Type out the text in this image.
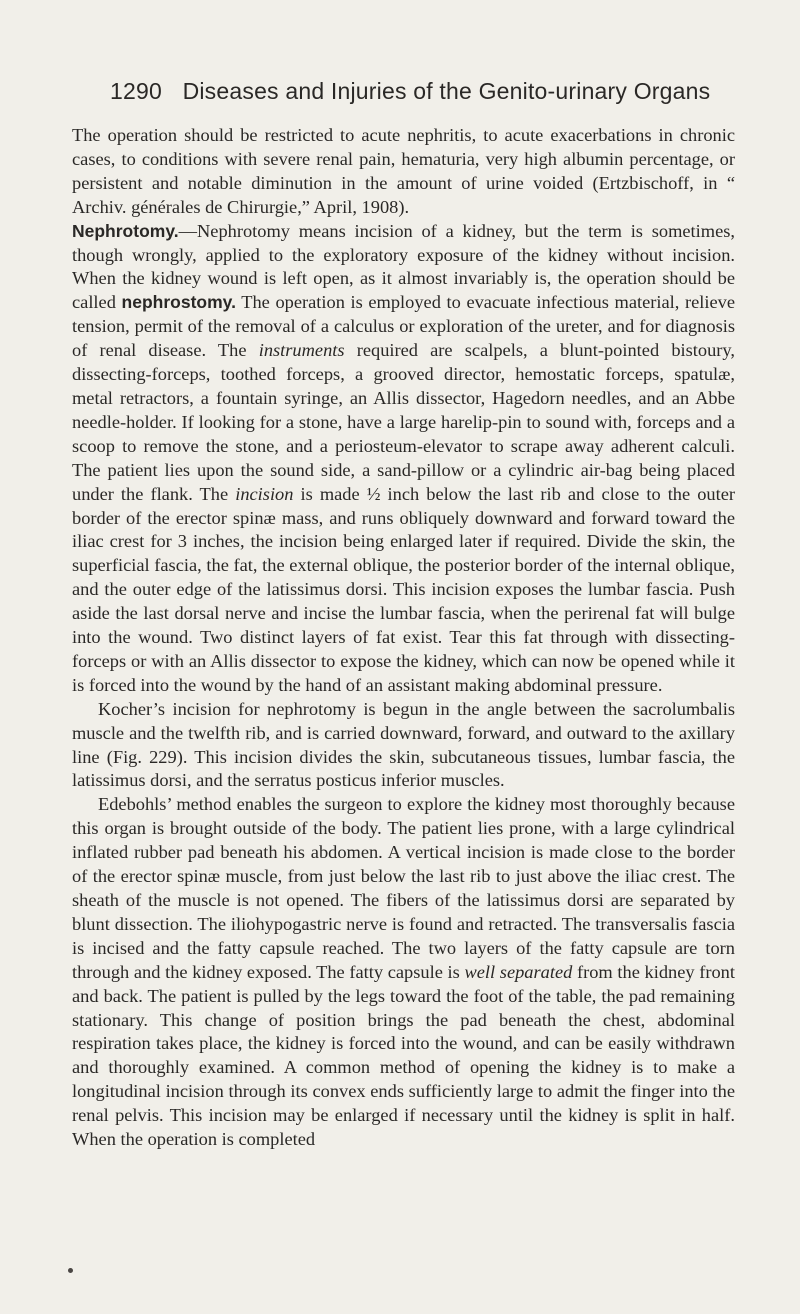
1290 Diseases and Injuries of the Genito-urinary Organs

The operation should be restricted to acute nephritis, to acute exacerbations in chronic cases, to conditions with severe renal pain, hematuria, very high albumin percentage, or persistent and notable diminution in the amount of urine voided (Ertzbischoff, in “ Archiv. générales de Chirurgie,” April, 1908).

Nephrotomy.—Nephrotomy means incision of a kidney, but the term is sometimes, though wrongly, applied to the exploratory exposure of the kidney without incision. When the kidney wound is left open, as it almost invariably is, the operation should be called nephrostomy. The operation is employed to evacuate infectious material, relieve tension, permit of the removal of a calculus or exploration of the ureter, and for diagnosis of renal disease. The instruments required are scalpels, a blunt-pointed bistoury, dissecting-forceps, toothed forceps, a grooved director, hemostatic forceps, spatulæ, metal retractors, a fountain syringe, an Allis dissector, Hagedorn needles, and an Abbe needle-holder. If looking for a stone, have a large harelip-pin to sound with, forceps and a scoop to remove the stone, and a periosteum-elevator to scrape away adherent calculi. The patient lies upon the sound side, a sand-pillow or a cylindric air-bag being placed under the flank. The incision is made ½ inch below the last rib and close to the outer border of the erector spinæ mass, and runs obliquely downward and forward toward the iliac crest for 3 inches, the incision being enlarged later if required. Divide the skin, the superficial fascia, the fat, the external oblique, the posterior border of the internal oblique, and the outer edge of the latissimus dorsi. This incision exposes the lumbar fascia. Push aside the last dorsal nerve and incise the lumbar fascia, when the perirenal fat will bulge into the wound. Two distinct layers of fat exist. Tear this fat through with dissecting-forceps or with an Allis dissector to expose the kidney, which can now be opened while it is forced into the wound by the hand of an assistant making abdominal pressure.

Kocher’s incision for nephrotomy is begun in the angle between the sacrolumbalis muscle and the twelfth rib, and is carried downward, forward, and outward to the axillary line (Fig. 229). This incision divides the skin, subcutaneous tissues, lumbar fascia, the latissimus dorsi, and the serratus posticus inferior muscles.

Edebohls’ method enables the surgeon to explore the kidney most thoroughly because this organ is brought outside of the body. The patient lies prone, with a large cylindrical inflated rubber pad beneath his abdomen. A vertical incision is made close to the border of the erector spinæ muscle, from just below the last rib to just above the iliac crest. The sheath of the muscle is not opened. The fibers of the latissimus dorsi are separated by blunt dissection. The iliohypogastric nerve is found and retracted. The transversalis fascia is incised and the fatty capsule reached. The two layers of the fatty capsule are torn through and the kidney exposed. The fatty capsule is well separated from the kidney front and back. The patient is pulled by the legs toward the foot of the table, the pad remaining stationary. This change of position brings the pad beneath the chest, abdominal respiration takes place, the kidney is forced into the wound, and can be easily withdrawn and thoroughly examined. A common method of opening the kidney is to make a longitudinal incision through its convex ends sufficiently large to admit the finger into the renal pelvis. This incision may be enlarged if necessary until the kidney is split in half. When the operation is completed
